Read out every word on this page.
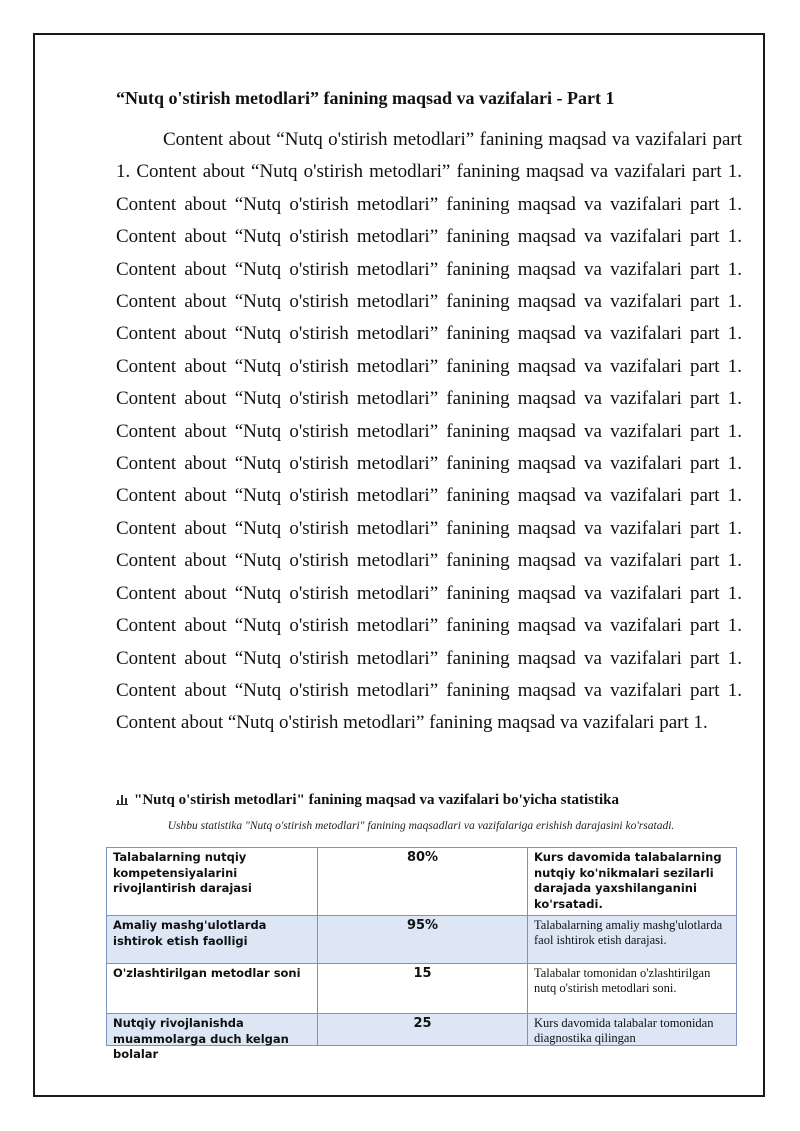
“Nutq o'stirish metodlari” fanining maqsad va vazifalari - Part 1

Content about “Nutq o'stirish metodlari” fanining maqsad va vazifalari part 1. Content about “Nutq o'stirish metodlari” fanining maqsad va vazifalari part 1. Content about “Nutq o'stirish metodlari” fanining maqsad va vazifalari part 1. Content about “Nutq o'stirish metodlari” fanining maqsad va vazifalari part 1. Content about “Nutq o'stirish metodlari” fanining maqsad va vazifalari part 1. Content about “Nutq o'stirish metodlari” fanining maqsad va vazifalari part 1. Content about “Nutq o'stirish metodlari” fanining maqsad va vazifalari part 1. Content about “Nutq o'stirish metodlari” fanining maqsad va vazifalari part 1. Content about “Nutq o'stirish metodlari” fanining maqsad va vazifalari part 1. Content about “Nutq o'stirish metodlari” fanining maqsad va vazifalari part 1. Content about “Nutq o'stirish metodlari” fanining maqsad va vazifalari part 1. Content about “Nutq o'stirish metodlari” fanining maqsad va vazifalari part 1. Content about “Nutq o'stirish metodlari” fanining maqsad va vazifalari part 1. Content about “Nutq o'stirish metodlari” fanining maqsad va vazifalari part 1. Content about “Nutq o'stirish metodlari” fanining maqsad va vazifalari part 1. Content about “Nutq o'stirish metodlari” fanining maqsad va vazifalari part 1. Content about “Nutq o'stirish metodlari” fanining maqsad va vazifalari part 1. Content about “Nutq o'stirish metodlari” fanining maqsad va vazifalari part 1. Content about “Nutq o'stirish metodlari” fanining maqsad va vazifalari part 1.

"Nutq o'stirish metodlari" fanining maqsad va vazifalari bo'yicha statistika

Ushbu statistika "Nutq o'stirish metodlari" fanining maqsadlari va vazifalariga erishish darajasini ko'rsatadi.

Talabalarning nutqiy kompetensiyalarini rivojlantirish darajasi	80%	Kurs davomida talabalarning nutqiy ko'nikmalari sezilarli darajada yaxshilanganini ko'rsatadi.
Amaliy mashg'ulotlarda ishtirok etish faolligi	95%	Talabalarning amaliy mashg'ulotlarda faol ishtirok etish darajasi.
O'zlashtirilgan metodlar soni	15	Talabalar tomonidan o'zlashtirilgan nutq o'stirish metodlari soni.

Nutqiy rivojlanishda muammolarga duch kelgan bolalar	25	Kurs davomida talabalar tomonidan diagnostika qilingan
